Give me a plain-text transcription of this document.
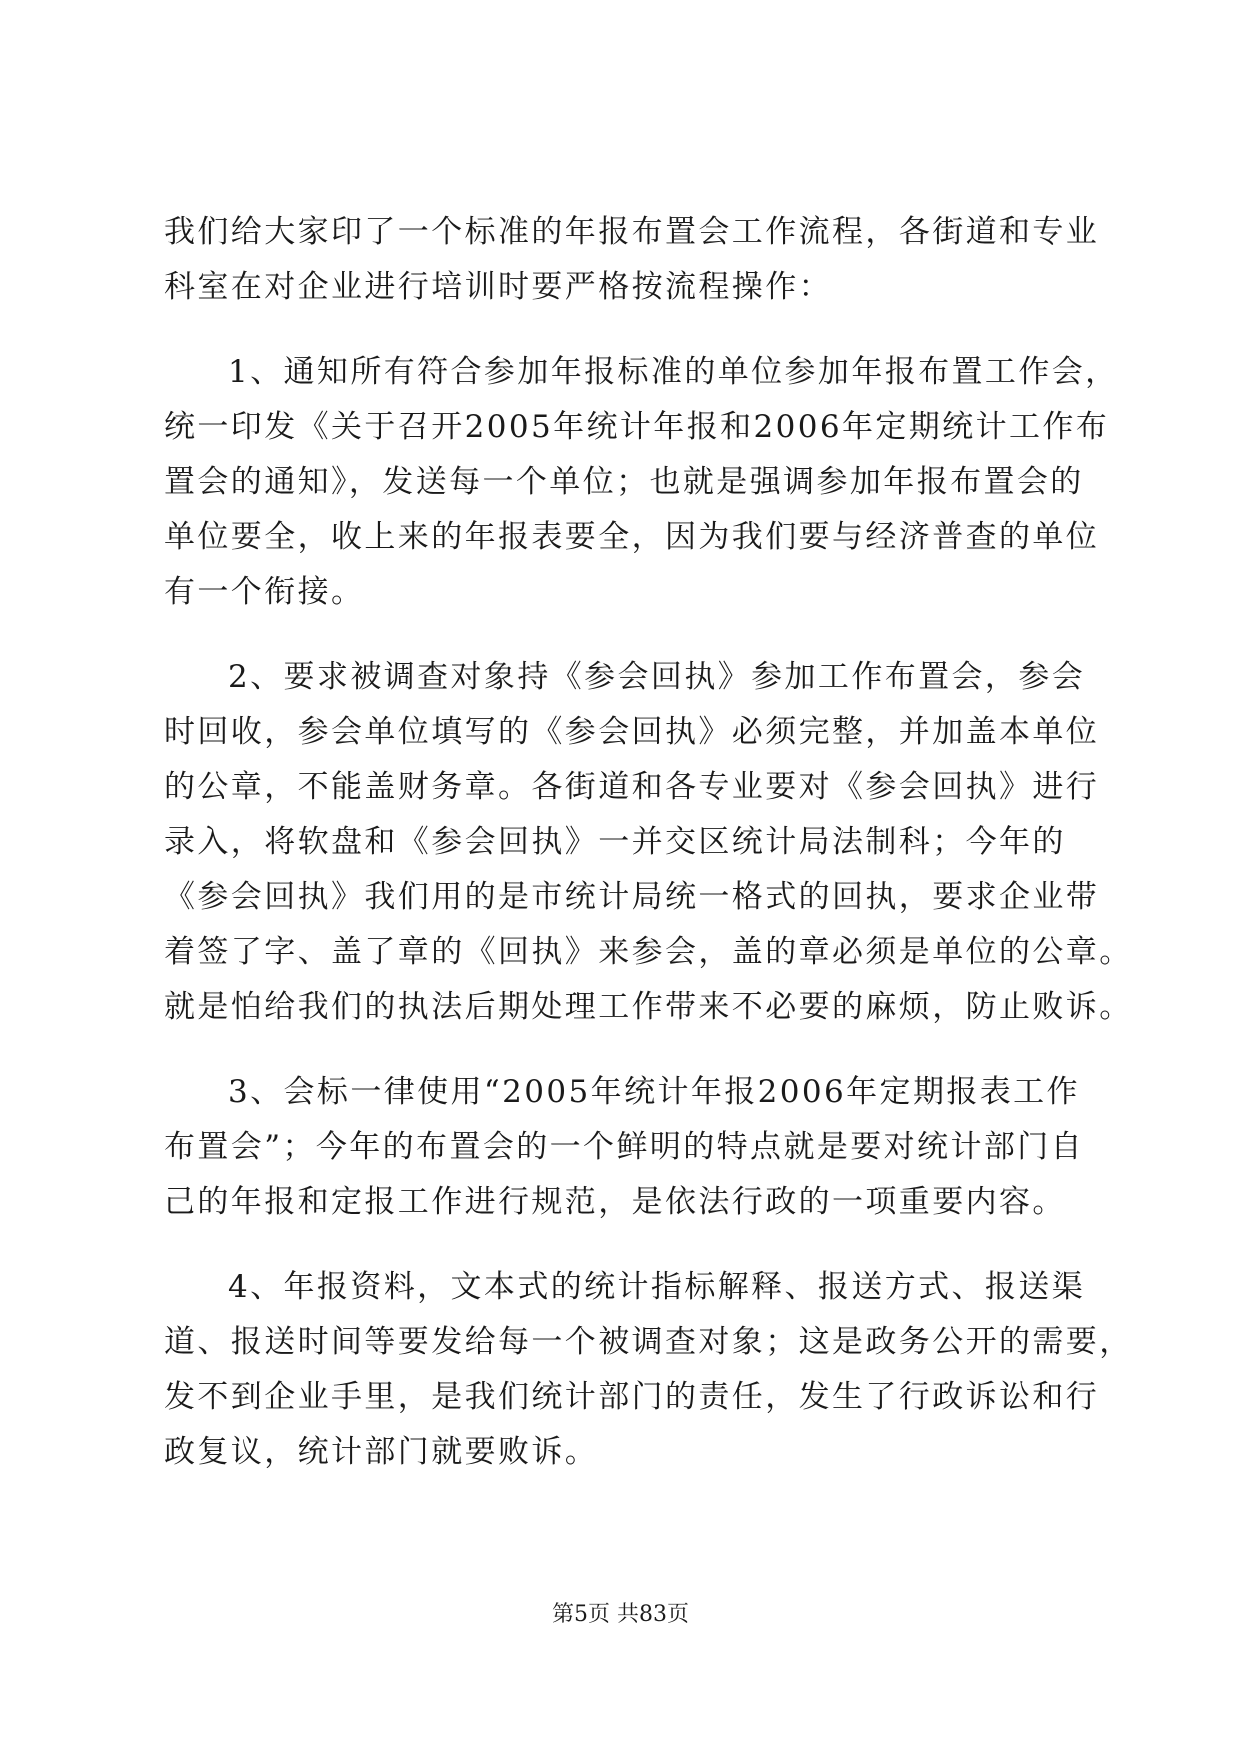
我们给大家印了一个标准的年报布置会工作流程，各街道和专业

科室在对企业进行培训时要严格按流程操作：

1、通知所有符合参加年报标准的单位参加年报布置工作会，

统一印发《关于召开2005年统计年报和2006年定期统计工作布

置会的通知》，发送每一个单位；也就是强调参加年报布置会的

单位要全，收上来的年报表要全，因为我们要与经济普查的单位

有一个衔接。

2、要求被调查对象持《参会回执》参加工作布置会，参会

时回收，参会单位填写的《参会回执》必须完整，并加盖本单位

的公章，不能盖财务章。各街道和各专业要对《参会回执》进行

录入，将软盘和《参会回执》一并交区统计局法制科；今年的

《参会回执》我们用的是市统计局统一格式的回执，要求企业带

着签了字、盖了章的《回执》来参会，盖的章必须是单位的公章。

就是怕给我们的执法后期处理工作带来不必要的麻烦，防止败诉。

3、会标一律使用“2005年统计年报2006年定期报表工作

布置会”；今年的布置会的一个鲜明的特点就是要对统计部门自

己的年报和定报工作进行规范，是依法行政的一项重要内容。

4、年报资料，文本式的统计指标解释、报送方式、报送渠

道、报送时间等要发给每一个被调查对象；这是政务公开的需要，

发不到企业手里，是我们统计部门的责任，发生了行政诉讼和行

政复议，统计部门就要败诉。

第5页 共83页
